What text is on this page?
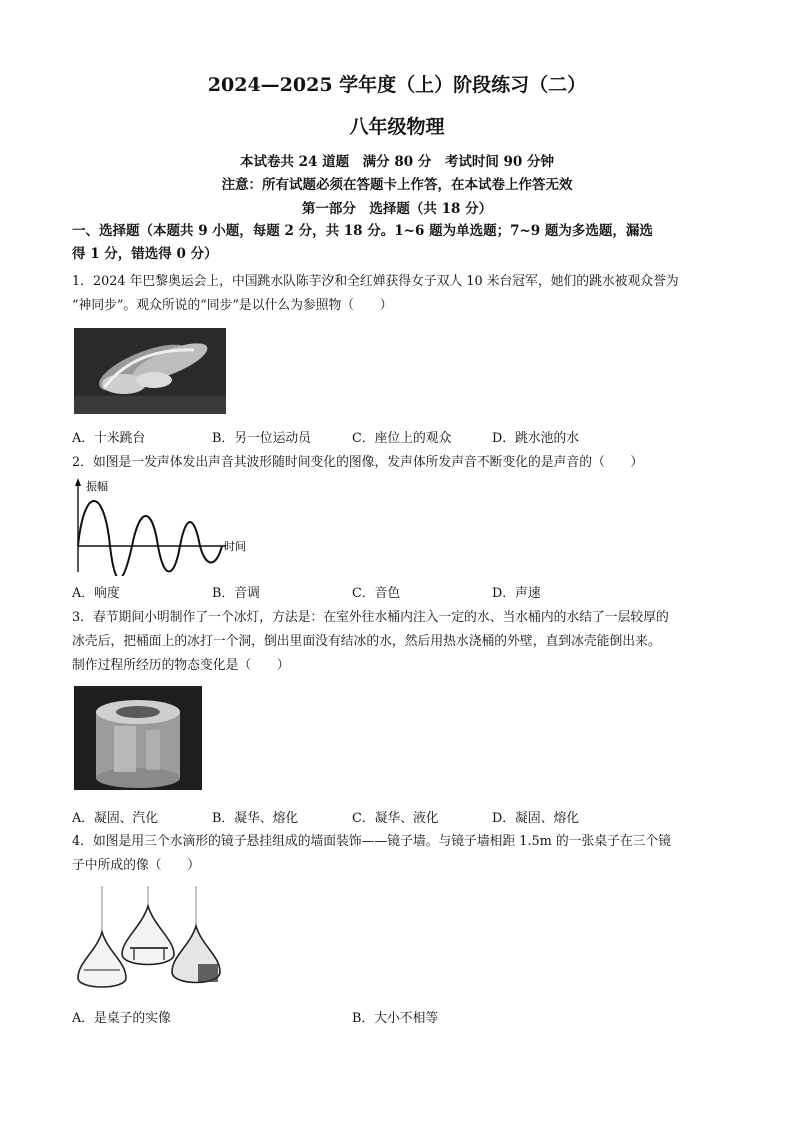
2024—2025 学年度（上）阶段练习（二）
八年级物理
本试卷共 24 道题　满分 80 分　考试时间 90 分钟
注意：所有试题必须在答题卡上作答，在本试卷上作答无效
第一部分　选择题（共 18 分）
一、选择题（本题共 9 小题，每题 2 分，共 18 分。1~6 题为单选题；7~9 题为多选题，漏选
得 1 分，错选得 0 分）
1．2024 年巴黎奥运会上，中国跳水队陈芋汐和全红婵获得女子双人 10 米台冠军，她们的跳水被观众誉为
“神同步”。观众所说的“同步”是以什么为参照物（　　）
A．十米跳台	B．另一位运动员	C．座位上的观众	D．跳水池的水
2．如图是一发声体发出声音其波形随时间变化的图像，发声体所发声音不断变化的是声音的（　　）
振幅
时间
A．响度	B．音调	C．音色	D．声速
3．春节期间小明制作了一个冰灯，方法是：在室外往水桶内注入一定的水、当水桶内的水结了一层较厚的
冰壳后，把桶面上的冰打一个洞，倒出里面没有结冰的水，然后用热水浇桶的外壁，直到冰壳能倒出来。
制作过程所经历的物态变化是（　　）
A．凝固、汽化	B．凝华、熔化	C．凝华、液化	D．凝固、熔化
4．如图是用三个水滴形的镜子悬挂组成的墙面装饰——镜子墙。与镜子墙相距 1.5m 的一张桌子在三个镜
子中所成的像（　　）
A．是桌子的实像	B．大小不相等
